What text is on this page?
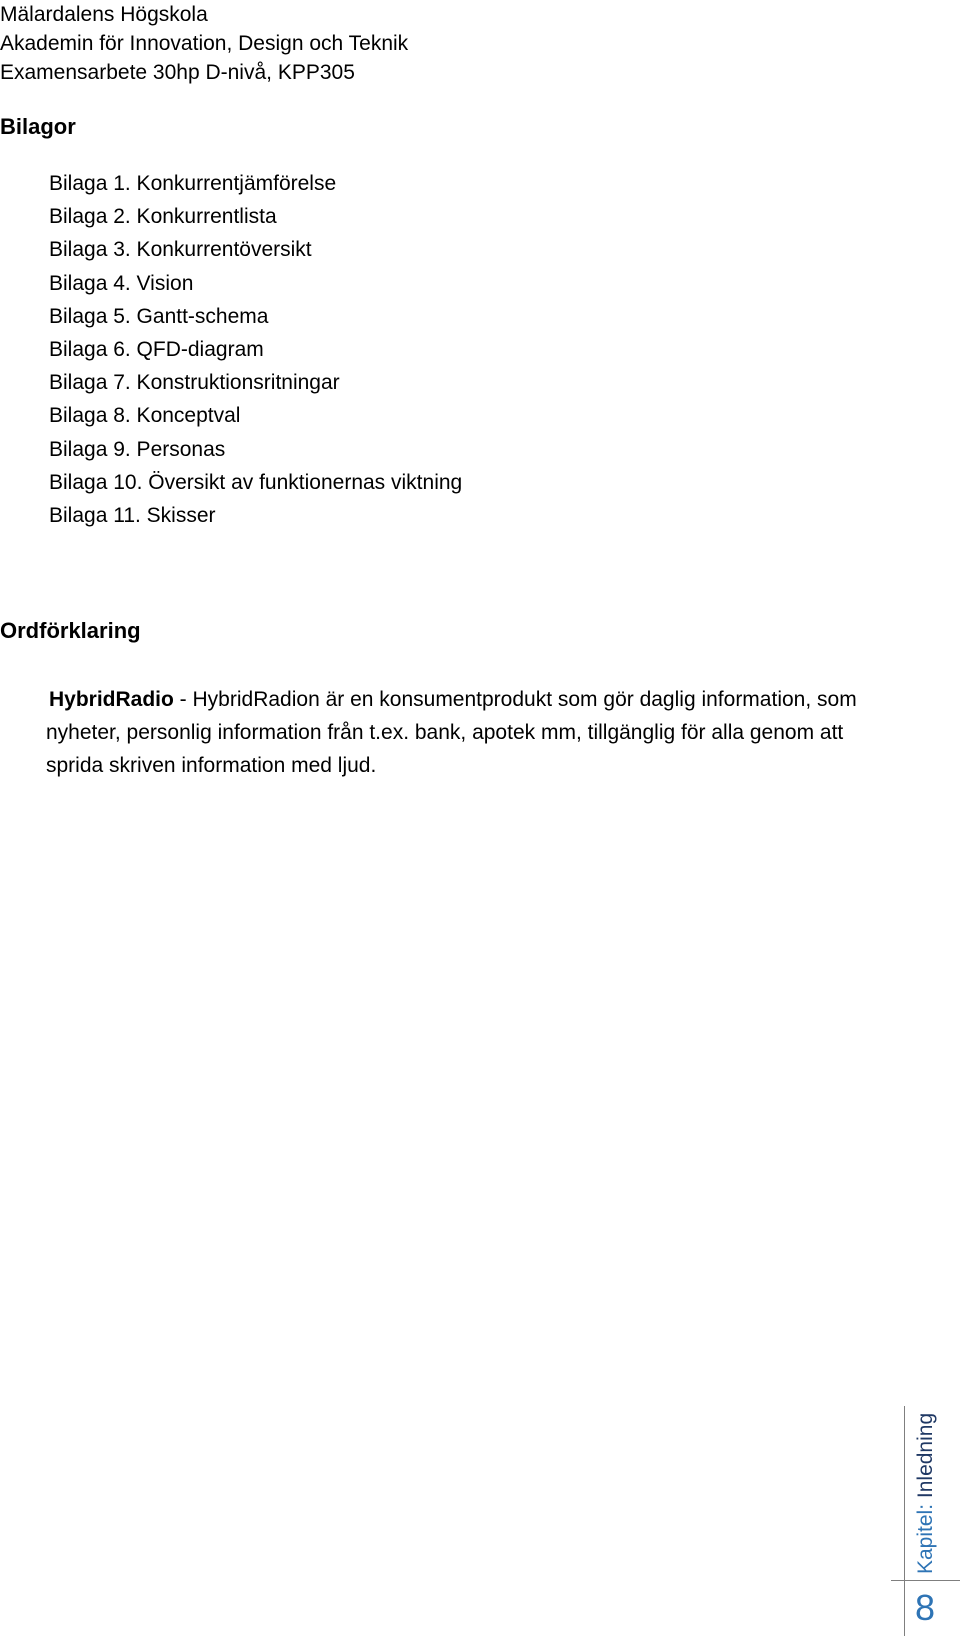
Mälardalens Högskola
Akademin för Innovation, Design och Teknik
Examensarbete 30hp D-nivå, KPP305
Bilagor
Bilaga 1. Konkurrentjämförelse
Bilaga 2. Konkurrentlista
Bilaga 3. Konkurrentöversikt
Bilaga 4. Vision
Bilaga 5. Gantt-schema
Bilaga 6. QFD-diagram
Bilaga 7. Konstruktionsritningar
Bilaga 8. Konceptval
Bilaga 9. Personas
Bilaga 10. Översikt av funktionernas viktning
Bilaga 11. Skisser
Ordförklaring
HybridRadio - HybridRadion är en konsumentprodukt som gör daglig information, som nyheter, personlig information från t.ex. bank, apotek mm, tillgänglig för alla genom att sprida skriven information med ljud.
Kapitel: Inledning
8
